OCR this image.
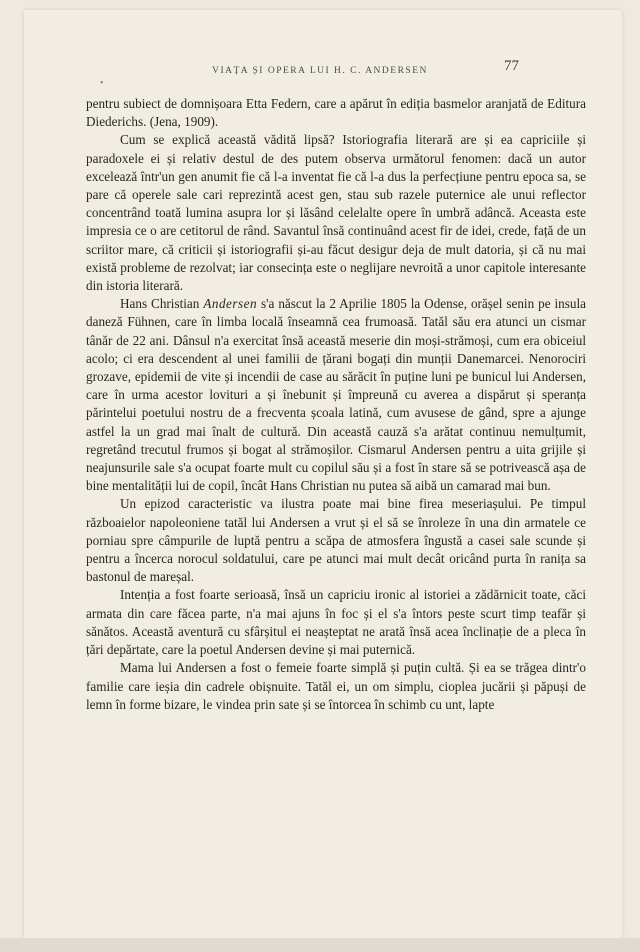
VIAȚA ȘI OPERA LUI H. C. ANDERSEN	77
•

pentru subiect de domnișoara Etta Federn, care a apărut în ediția basmelor aranjată de Editura Diederichs. (Jena, 1909).

Cum se explică această vădită lipsă? Istoriografia literară are și ea capriciile și paradoxele ei și relativ destul de des putem observa următorul fenomen: dacă un autor excelează într'un gen anumit fie că l-a inventat fie că l-a dus la perfecțiune pentru epoca sa, se pare că operele sale cari reprezintă acest gen, stau sub razele puternice ale unui reflector concentrând toată lumina asupra lor și lăsând celelalte opere în umbră adâncă. Aceasta este impresia ce o are cetitorul de rând. Savantul însă continuând acest fir de idei, crede, față de un scriitor mare, că criticii și istoriografii și-au făcut desigur deja de mult datoria, și că nu mai există probleme de rezolvat; iar consecința este o neglijare nevroită a unor capitole interesante din istoria literară.

Hans Christian Andersen s'a născut la 2 Aprilie 1805 la Odense, orășel senin pe insula daneză Fühnen, care în limba locală înseamnă cea frumoasă. Tatăl său era atunci un cismar tânăr de 22 ani. Dânsul n'a exercitat însă această meserie din moși-strămoși, cum era obiceiul acolo; ci era descendent al unei familii de țărani bogați din munții Danemarcei. Nenorociri grozave, epidemii de vite și incendii de case au sărăcit în puține luni pe bunicul lui Andersen, care în urma acestor lovituri a și înebunit și împreună cu averea a dispărut și speranța părintelui poetului nostru de a frecventa școala latină, cum avusese de gând, spre a ajunge astfel la un grad mai înalt de cultură. Din această cauză s'a arătat continuu nemulțumit, regretând trecutul frumos și bogat al strămoșilor. Cismarul Andersen pentru a uita grijile și neajunsurile sale s'a ocupat foarte mult cu copilul său și a fost în stare să se potrivească așa de bine mentalității lui de copil, încât Hans Christian nu putea să aibă un camarad mai bun.

Un epizod caracteristic va ilustra poate mai bine firea meseriașului. Pe timpul războaielor napoleoniene tatăl lui Andersen a vrut și el să se înroleze în una din armatele ce porniau spre câmpurile de luptă pentru a scăpa de atmosfera îngustă a casei sale scunde și pentru a încerca norocul soldatului, care pe atunci mai mult decât oricând purta în ranița sa bastonul de mareșal.

Intenția a fost foarte serioasă, însă un capriciu ironic al istoriei a zădărnicit toate, căci armata din care făcea parte, n'a mai ajuns în foc și el s'a întors peste scurt timp teafăr și sănătos. Această aventură cu sfârșitul ei neașteptat ne arată însă acea înclinație de a pleca în țări depărtate, care la poetul Andersen devine și mai puternică.

Mama lui Andersen a fost o femeie foarte simplă și puțin cultă. Și ea se trăgea dintr'o familie care ieșia din cadrele obișnuite. Tatăl ei, un om simplu, cioplea jucării și păpuși de lemn în forme bizare, le vindea prin sate și se întorcea în schimb cu unt, lapte
